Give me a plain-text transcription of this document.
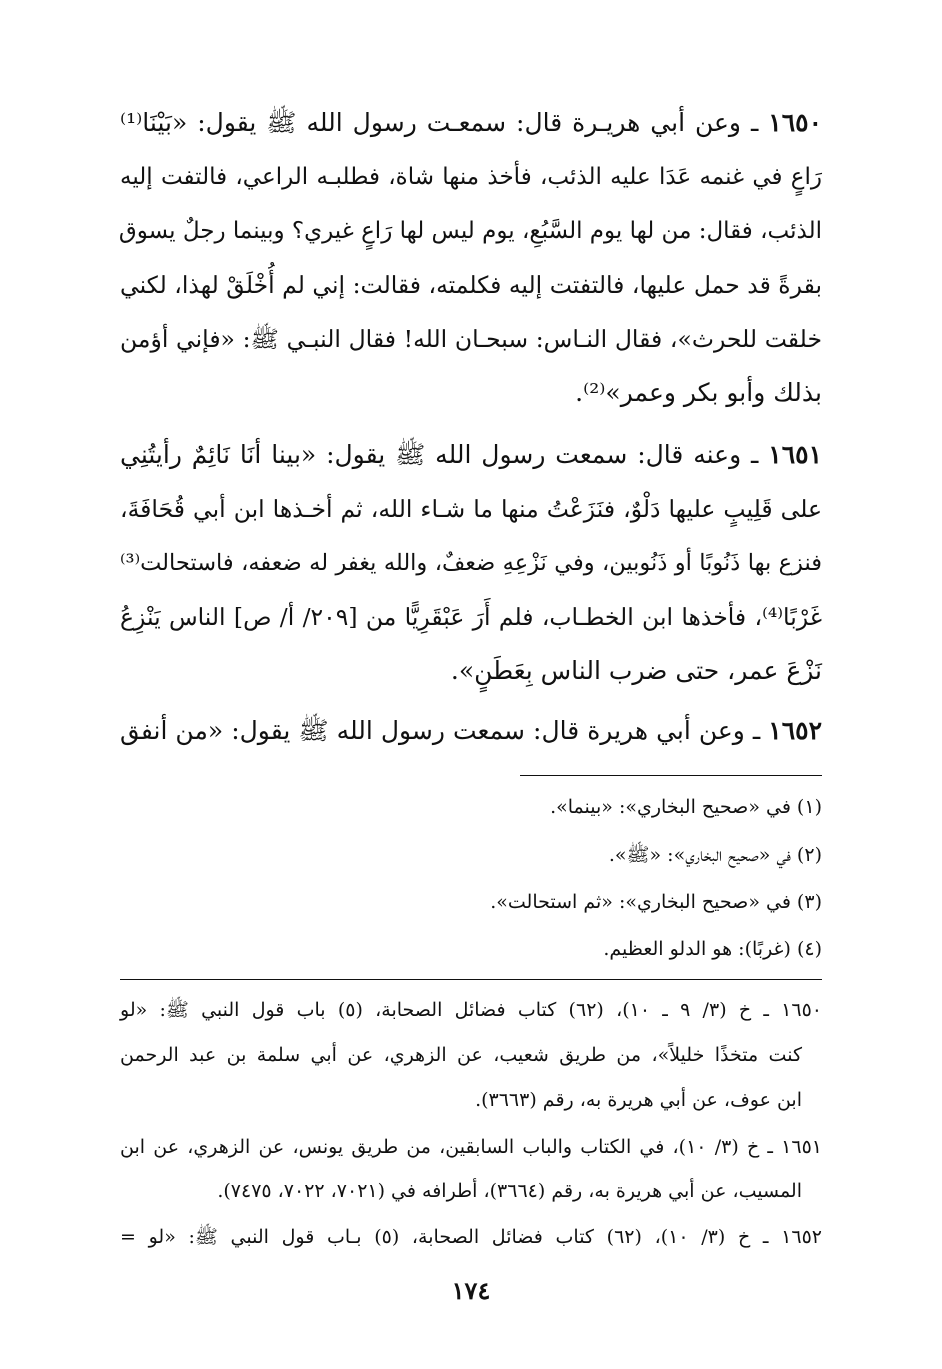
١٦٥٠ ـ وعن أبي هريـرة قال: سمعـت رسول الله ﷺ يقول: «بَيْنَا⁽¹⁾
رَاعٍ في غنمه عَدَا عليه الذئب، فأخذ منها شاة، فطلبـه الراعي، فالتفت إليه
الذئب، فقال: من لها يوم السَّبُعِ، يوم ليس لها رَاعٍ غيري؟ وبينما رجلٌ يسوق
بقرةً قد حمل عليها، فالتفتت إليه فكلمته، فقالت: إني لم أُخْلَقْ لهذا، لكني
خلقت للحرث»، فقال النـاس: سبحـان الله! فقال النبـي ﷺ: «فإني أؤمن
بذلك وأبو بكر وعمر»⁽²⁾.
١٦٥١ ـ وعنه قال: سمعت رسول الله ﷺ يقول: «بينا أنَا نَائِمٌ رأيتُنِي
على قَلِيبٍ عليها دَلْوٌ، فنَزَعْتُ منها ما شـاء الله، ثم أخـذها ابن أبي قُحَافَةَ،
فنزع بها ذَنُوبًا أو ذَنُوبين، وفي نَزْعِهِ ضعفٌ، والله يغفر له ضعفه، فاستحالت⁽³⁾
غَرْبًا⁽⁴⁾، فأخذها ابن الخطـاب، فلم أَرَ عَبْقَرِيًّا من [٢٠٩/ أ/ ص] الناس يَنْزِعُ
نَزْعَ عمر، حتى ضرب الناس بِعَطَنٍ».
١٦٥٢ ـ وعن أبي هريرة قال: سمعت رسول الله ﷺ يقول: «من أنفق
(١) في «صحيح البخاري»: «بينما».
(٢) في «صحيح البخاري»: «ﷺ».
(٣) في «صحيح البخاري»: «ثم استحالت».
(٤) (غربًا): هو الدلو العظيم.
١٦٥٠ ـ خ (٣/ ٩ ـ ١٠)، (٦٢) كتاب فضائل الصحابة، (٥) باب قول النبي ﷺ: «لو
كنت متخذًا خليلاً»، من طريق شعيب، عن الزهري، عن أبي سلمة بن عبد الرحمن
ابن عوف، عن أبي هريرة به، رقم (٣٦٦٣).
١٦٥١ ـ خ (٣/ ١٠)، في الكتاب والباب السابقين، من طريق يونس، عن الزهري، عن ابن
المسيب، عن أبي هريرة به، رقم (٣٦٦٤)، أطرافه في (٧٠٢١، ٧٠٢٢، ٧٤٧٥).
١٦٥٢ ـ خ (٣/ ١٠)، (٦٢) كتاب فضائل الصحابة، (٥) بـاب قول النبي ﷺ: «لو =
١٧٤
